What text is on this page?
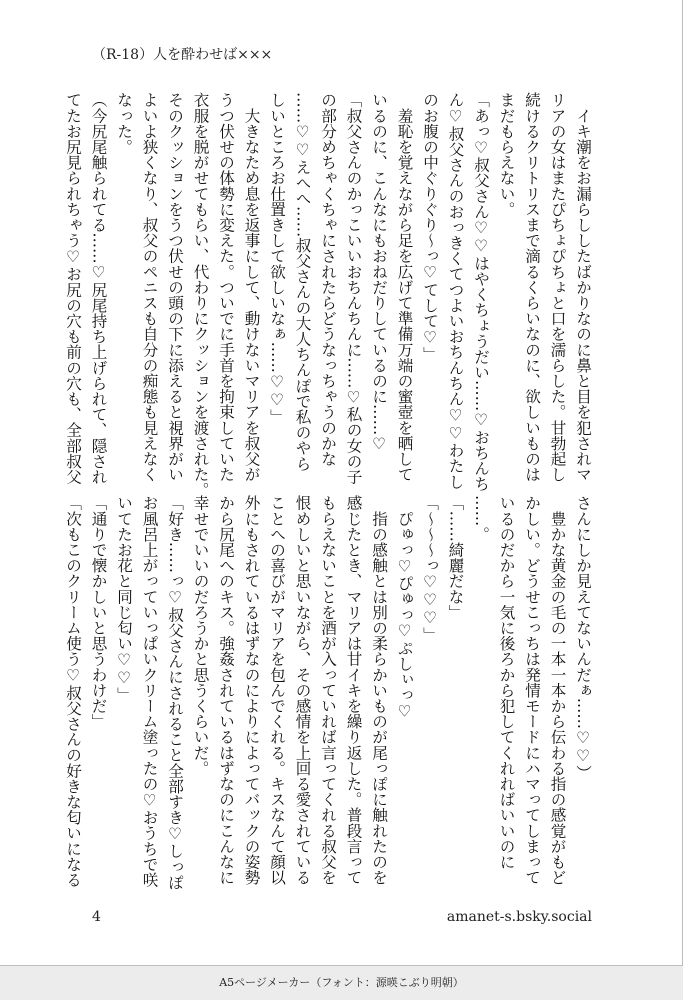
（R-18）人を酔わせば×××
　イキ潮をお漏らししたばかりなのに鼻と目を犯されマ
リアの女はまたぴちょぴちょと口を濡らした。甘勃起し
続けるクリトリスまで滴るくらいなのに、欲しいものは
まだもらえない。
「あっ♡叔父さん♡♡はやくちょうだい……♡おちんち
ん♡叔父さんのおっきくてつよいおちんちん♡♡わたし
のお腹の中ぐりぐり〜っ♡てして♡」
　羞恥を覚えながら足を広げて準備万端の蜜壺を晒して
いるのに、こんなにもおねだりしているのに……♡
「叔父さんのかっこいいおちんちんに……♡私の女の子
の部分めちゃくちゃにされたらどうなっちゃうのかな
……♡♡えへへ……叔父さんの大人ちんぽで私のやら
しいところお仕置きして欲しいなぁ……♡♡」
　大きなため息を返事にして、動けないマリアを叔父が
うつ伏せの体勢に変えた。ついでに手首を拘束していた
衣服を脱がせてもらい、代わりにクッションを渡された。
そのクッションをうつ伏せの頭の下に添えると視界がい
よいよ狭くなり、叔父のペニスも自分の痴態も見えなく
なった。
（今尻尾触られてる……♡尻尾持ち上げられて、隠され
てたお尻見られちゃう♡お尻の穴も前の穴も、全部叔父
さんにしか見えてないんだぁ……♡♡）
　豊かな黄金の毛の一本一本から伝わる指の感覚がもど
かしい。どうせこっちは発情モードにハマってしまって
いるのだから一気に後ろから犯してくれればいいのに
……。
「……綺麗だな」
「〜〜〜っ♡♡♡」
　ぴゅっ♡ぴゅっ♡ぷしぃっ♡
　指の感触とは別の柔らかいものが尾っぽに触れたのを
感じたとき、マリアは甘イキを繰り返した。普段言って
もらえないことを酒が入っていれば言ってくれる叔父を
恨めしいと思いながら、その感情を上回る愛されている
ことへの喜びがマリアを包んでくれる。キスなんて顔以
外にもされているはずなのによりによってバックの姿勢
から尻尾へのキス。強姦されているはずなのにこんなに
幸せでいいのだろうかと思うくらいだ。
「好き……っ♡叔父さんにされること全部すき♡しっぽ
お風呂上がっていっぱいクリーム塗ったの♡おうちで咲
いてたお花と同じ匂い♡♡」
「通りで懐かしいと思うわけだ」
「次もこのクリーム使う♡叔父さんの好きな匂いになる
4	amanet-s.bsky.social
A5ページメーカー（フォント：源暎こぶり明朝）
